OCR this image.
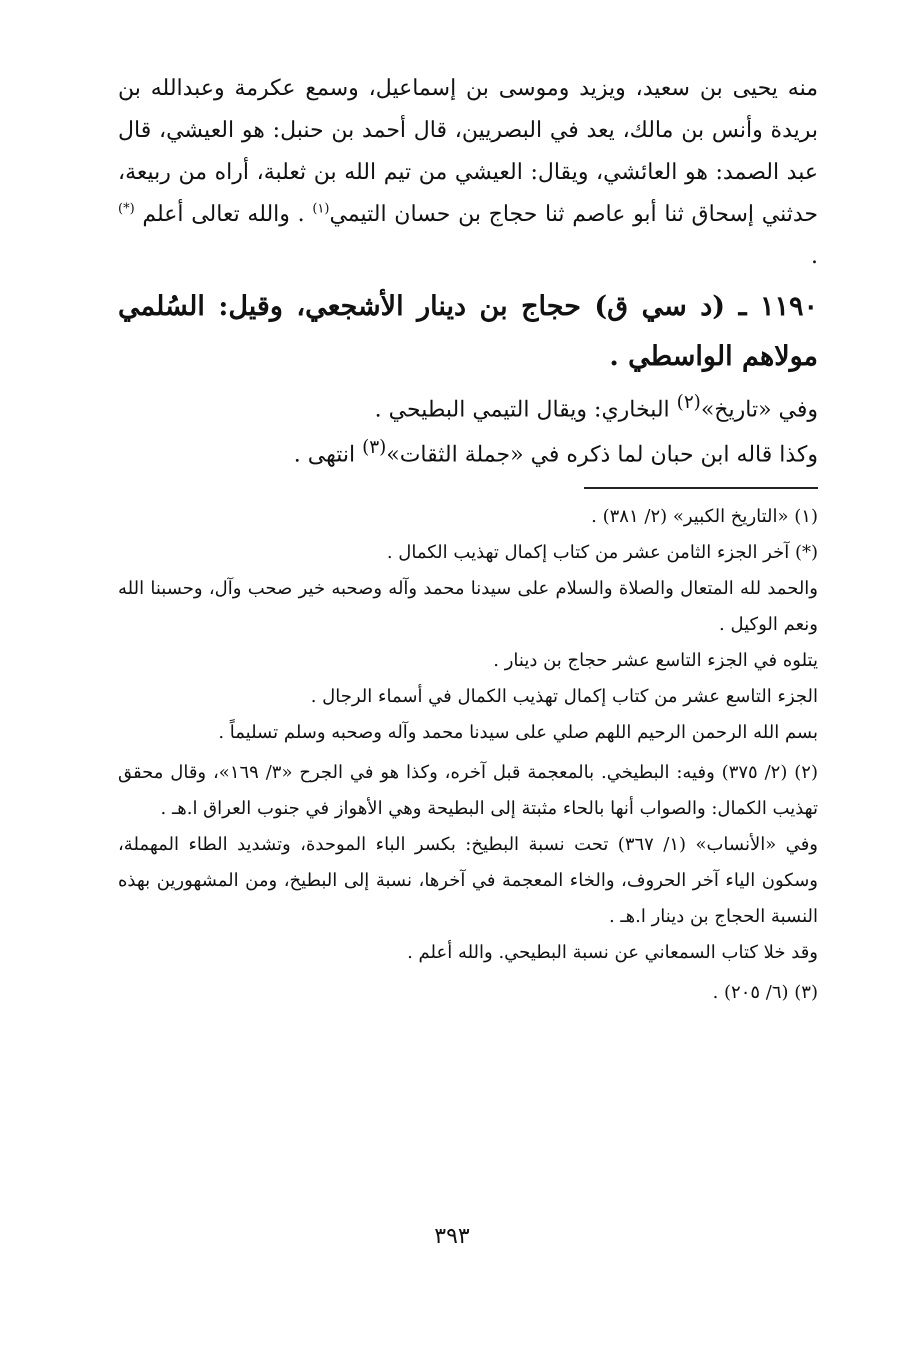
منه يحيى بن سعيد، ويزيد وموسى بن إسماعيل، وسمع عكرمة وعبدالله بن بريدة وأنس بن مالك، يعد في البصريين، قال أحمد بن حنبل: هو العيشي، قال عبد الصمد: هو العائشي، ويقال: العيشي من تيم الله بن ثعلبة، أراه من ربيعة، حدثني إسحاق ثنا أبو عاصم ثنا حجاج بن حسان التيمي$^{(١)}$ . والله تعالى أعلم (*) .

١١٩٠ ـ (د سي ق) حجاج بن دينار الأشجعي، وقيل: السُلمي مولاهم الواسطي .

وفي «تاريخ»$^{(٢)}$ البخاري: ويقال التيمي البطيحي .

وكذا قاله ابن حبان لما ذكره في «جملة الثقات»$^{(٣)}$ انتهى .

(١) «التاريخ الكبير» (٢/ ٣٨١) .

(*) آخر الجزء الثامن عشر من كتاب إكمال تهذيب الكمال .

والحمد لله المتعال والصلاة والسلام على سيدنا محمد وآله وصحبه خير صحب وآل، وحسبنا الله ونعم الوكيل .

يتلوه في الجزء التاسع عشر حجاج بن دينار .

الجزء التاسع عشر من كتاب إكمال تهذيب الكمال في أسماء الرجال .

بسم الله الرحمن الرحيم اللهم صلي على سيدنا محمد وآله وصحبه وسلم تسليماً .

(٢) (٢/ ٣٧٥) وفيه: البطيخي. بالمعجمة قبل آخره، وكذا هو في الجرح «٣/ ١٦٩»، وقال محقق تهذيب الكمال: والصواب أنها بالحاء مثبتة إلى البطيحة وهي الأهواز في جنوب العراق ا.هـ .

وفي «الأنساب» (١/ ٣٦٧) تحت نسبة البطيخ: بكسر الباء الموحدة، وتشديد الطاء المهملة، وسكون الياء آخر الحروف، والخاء المعجمة في آخرها، نسبة إلى البطيخ، ومن المشهورين بهذه النسبة الحجاج بن دينار ا.هـ .

وقد خلا كتاب السمعاني عن نسبة البطيحي. والله أعلم .

(٣) (٦/ ٢٠٥) .

٣٩٣
